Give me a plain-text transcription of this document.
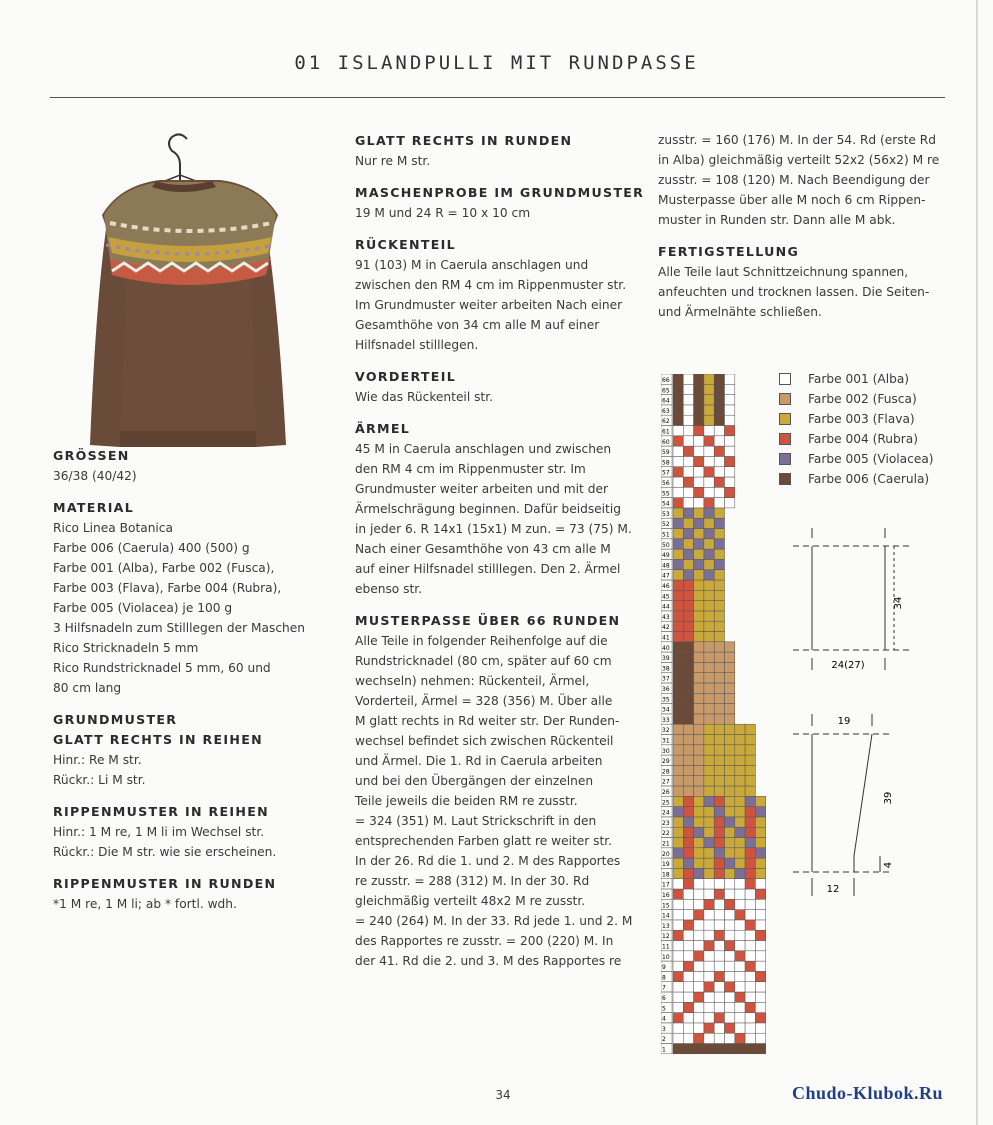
01 ISLANDPULLI MIT RUNDPASSE
GRÖSSEN
36/38 (40/42)
MATERIAL
Rico Linea Botanica
Farbe 006 (Caerula) 400 (500) g
Farbe 001 (Alba), Farbe 002 (Fusca),
Farbe 003 (Flava), Farbe 004 (Rubra),
Farbe 005 (Violacea) je 100 g
3 Hilfsnadeln zum Stilllegen der Maschen
Rico Stricknadeln 5 mm
Rico Rundstricknadel 5 mm, 60 und
80 cm lang
GRUNDMUSTER
GLATT RECHTS IN REIHEN
Hinr.: Re M str.
Rückr.: Li M str.
RIPPENMUSTER IN REIHEN
Hinr.: 1 M re, 1 M li im Wechsel str.
Rückr.: Die M str. wie sie erscheinen.
RIPPENMUSTER IN RUNDEN
*1 M re, 1 M li; ab * fortl. wdh.
GLATT RECHTS IN RUNDEN
Nur re M str.
MASCHENPROBE IM GRUNDMUSTER
19 M und 24 R = 10 x 10 cm
RÜCKENTEIL
91 (103) M in Caerula anschlagen und
zwischen den RM 4 cm im Rippenmuster str.
Im Grundmuster weiter arbeiten Nach einer
Gesamthöhe von 34 cm alle M auf einer
Hilfsnadel stilllegen.
VORDERTEIL
Wie das Rückenteil str.
ÄRMEL
45 M in Caerula anschlagen und zwischen
den RM 4 cm im Rippenmuster str. Im
Grundmuster weiter arbeiten und mit der
Ärmelschrägung beginnen. Dafür beidseitig
in jeder 6. R 14x1 (15x1) M zun. = 73 (75) M.
Nach einer Gesamthöhe von 43 cm alle M
auf einer Hilfsnadel stilllegen. Den 2. Ärmel
ebenso str.
MUSTERPASSE ÜBER 66 RUNDEN
Alle Teile in folgender Reihenfolge auf die
Rundstricknadel (80 cm, später auf 60 cm
wechseln) nehmen: Rückenteil, Ärmel,
Vorderteil, Ärmel = 328 (356) M. Über alle
M glatt rechts in Rd weiter str. Der Runden-
wechsel befindet sich zwischen Rückenteil
und Ärmel. Die 1. Rd in Caerula arbeiten
und bei den Übergängen der einzelnen
Teile jeweils die beiden RM re zusstr.
= 324 (351) M. Laut Strickschrift in den
entsprechenden Farben glatt re weiter str.
In der 26. Rd die 1. und 2. M des Rapportes
re zusstr. = 288 (312) M. In der 30. Rd
gleichmäßig verteilt 48x2 M re zusstr.
= 240 (264) M. In der 33. Rd jede 1. und 2. M
des Rapportes re zusstr. = 200 (220) M. In
der 41. Rd die 2. und 3. M des Rapportes re
zusstr. = 160 (176) M. In der 54. Rd (erste Rd
in Alba) gleichmäßig verteilt 52x2 (56x2) M re
zusstr. = 108 (120) M. Nach Beendigung der
Musterpasse über alle M noch 6 cm Rippen-
muster in Runden str. Dann alle M abk.
FERTIGSTELLUNG
Alle Teile laut Schnittzeichnung spannen,
anfeuchten und trocknen lassen. Die Seiten-
und Ärmelnähte schließen.
1
2
3
4
5
6
7
8
9
10
11
12
13
14
15
16
17
18
19
20
21
22
23
24
25
26
27
28
29
30
31
32
33
34
35
36
37
38
39
40
41
42
43
44
45
46
47
48
49
50
51
52
53
54
55
56
57
58
59
60
61
62
63
64
65
66	Farbe 001 (Alba)
Farbe 002 (Fusca)
Farbe 003 (Flava)
Farbe 004 (Rubra)
Farbe 005 (Violacea)
Farbe 006 (Caerula)
34
24(27)
19
39
4
12
34	Chudo-Klubok.Ru
